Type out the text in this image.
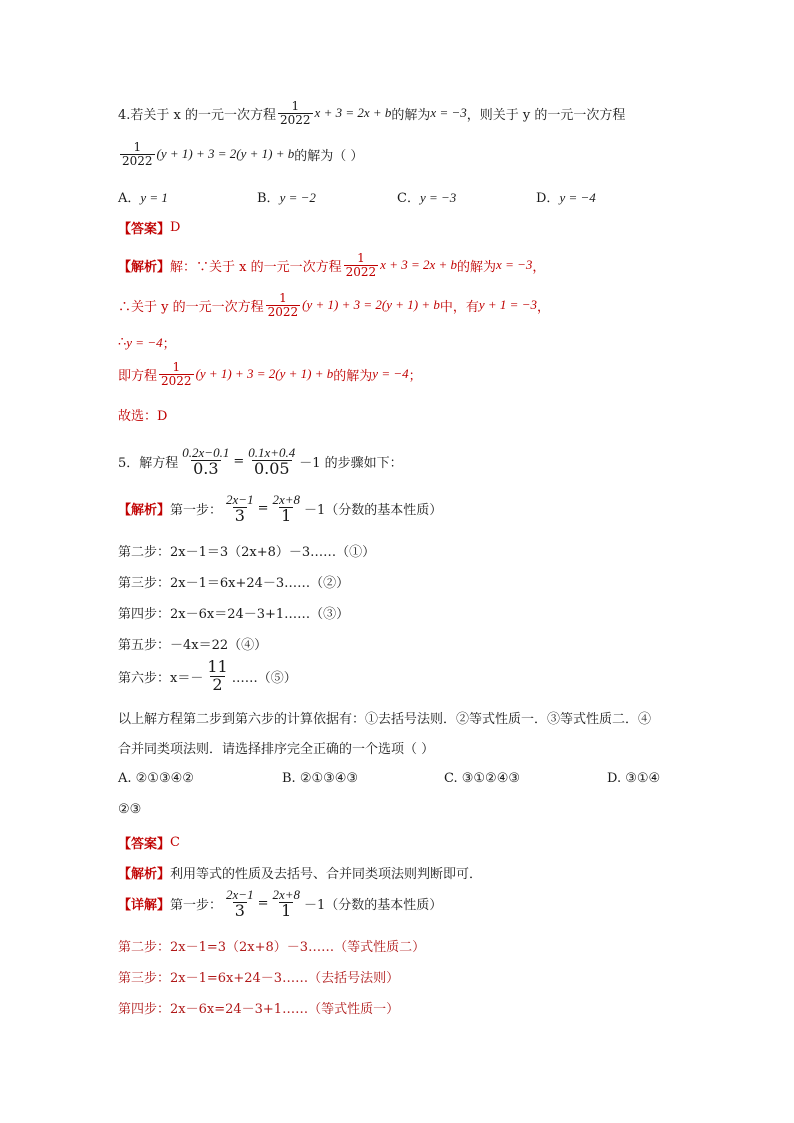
4.若关于 x 的一元一次方程 $\frac{1}{2022}$ x + 3 = 2x + b 的解为 x = −3 ，则关于 y 的一元一次方程
$\frac{1}{2022} (y + 1) + 3 = 2(y + 1) + b$ 的解为（ ）
A．y = 1	B．y = −2	C．y = −3	D．y = −4
【答案】 D
【解析】 解：∵关于 x 的一元一次方程 $\frac{1}{2022}$ x + 3 = 2x + b 的解为 x = −3 ，
∴关于 y 的一元一次方程 $\frac{1}{2022} (y + 1) + 3 = 2(y + 1) + b$ 中，有 y + 1 = −3 ，
∴ y = −4 ；
即方程 $\frac{1}{2022} (y + 1) + 3 = 2(y + 1) + b$ 的解为 y = −4 ；
故选：D
5．解方程 $\frac{0.2x-0.1}{0.3} = \frac{0.1x+0.4}{0.05} -1$ 的步骤如下：
【解析】 第一步： $\frac{2x-1}{3} = \frac{2x+8}{1} -1$（分数的基本性质）
第二步：2x－1＝3（2x+8）－3……（①）
第三步：2x－1＝6x+24－3……（②）
第四步：2x－6x＝24－3+1……（③）
第五步：－4x＝22（④）
第六步：$x=- \frac{11}{2}$ ……（⑤）
以上解方程第二步到第六步的计算依据有：①去括号法则．②等式性质一．③等式性质二．④
合并同类项法则．请选择排序完全正确的一个选项（ ）
A. ②①③④②	B. ②①③④③	C. ③①②④③	D. ③①④
②③
【答案】 C
【解析】 利用等式的性质及去括号、合并同类项法则判断即可．
【详解】 第一步： $\frac{2x-1}{3} = \frac{2x+8}{1} -1$（分数的基本性质）
第二步：2x－1=3（2x+8）－3……（等式性质二）
第三步：2x－1=6x+24－3……（去括号法则）
第四步：2x－6x=24－3+1……（等式性质一）
